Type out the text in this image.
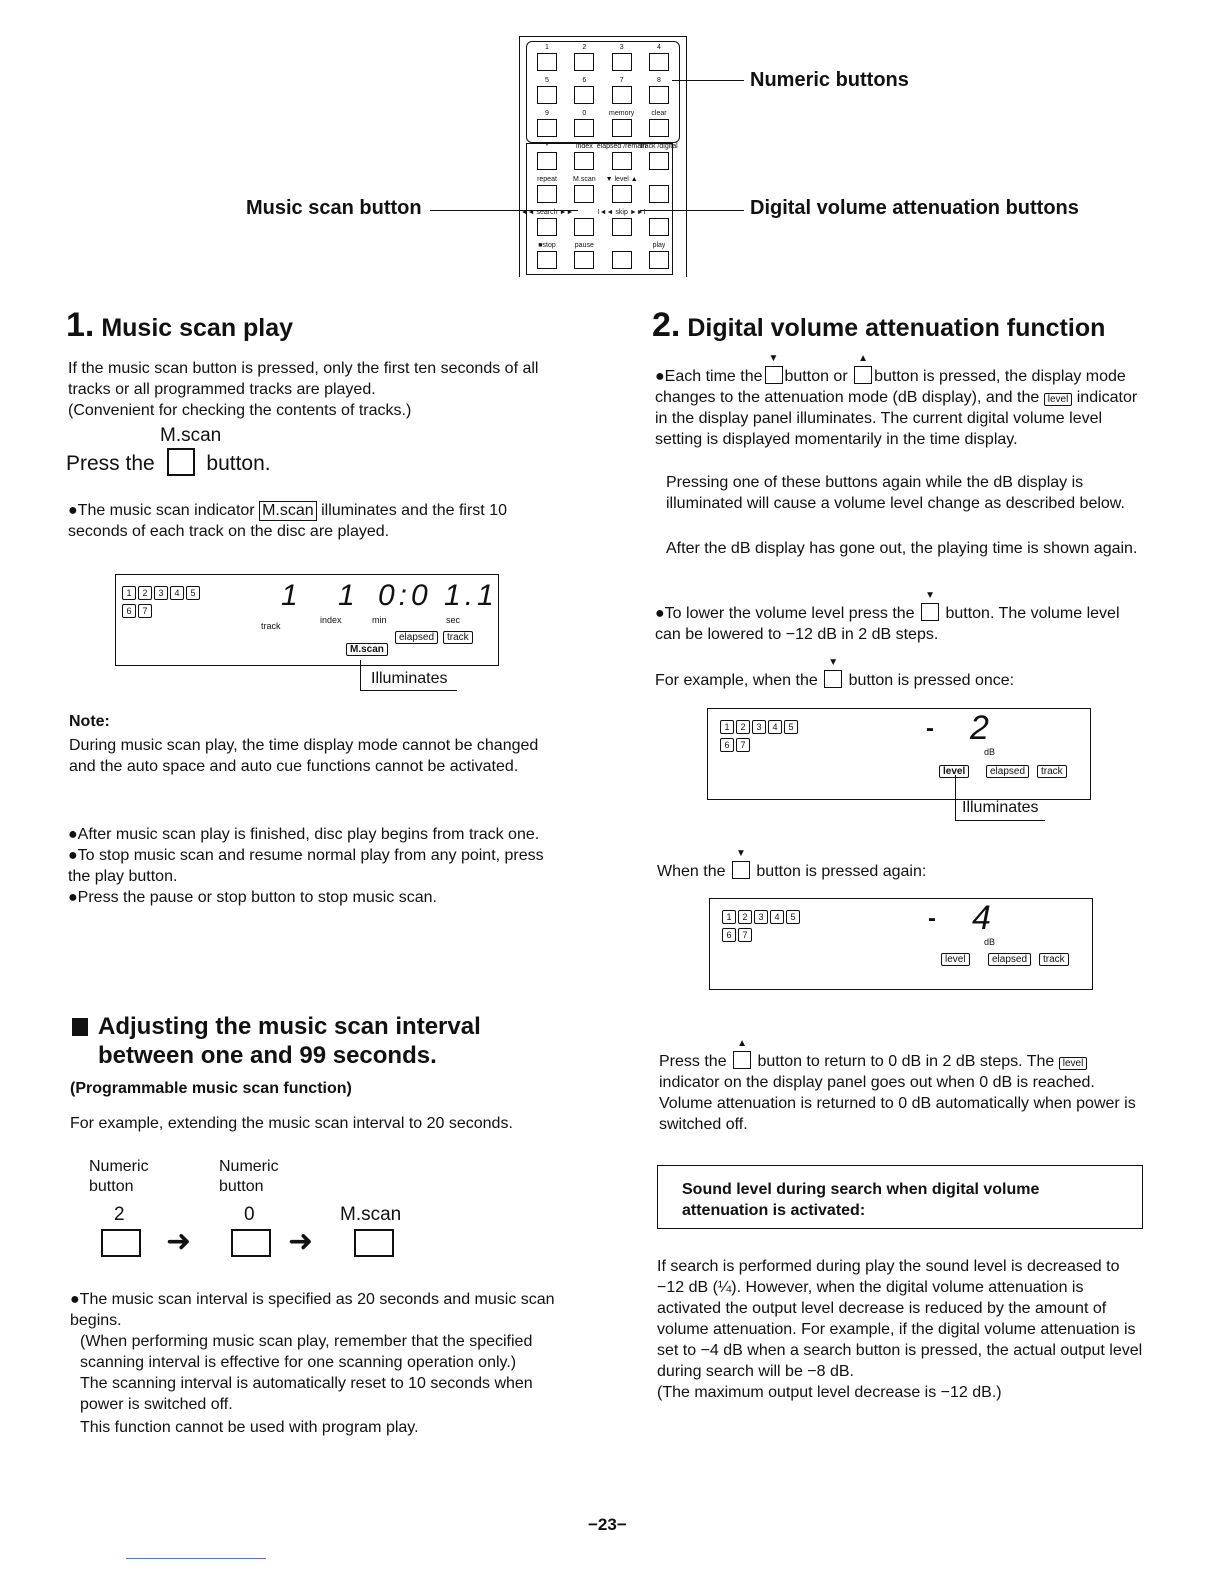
1	2	3	4
5	6	7	8
9	0	memory clear
*	index elapsed /remain
track /digital
repeat M.scan ▼ level ▲
◄◄ search ►►	I◄◄ skip ►►I
■stop	pause	play
Numeric buttons
Music scan button	Digital volume attenuation buttons
1. Music scan play

If the music scan button is pressed, only the first ten seconds of all tracks or all programmed tracks are played.

(Convenient for checking the contents of tracks.)

M.scan
Press the button.

●The music scan indicator M.scan illuminates and the first 10 seconds of each track on the disc are played.

1 2 3 4 5
6 7	1 1 0:0 1.1
track
index	min	sec
elapsed	track
M.scan
Illuminates
Note:

During music scan play, the time display mode cannot be changed and the auto space and auto cue functions cannot be activated.

●After music scan play is finished, disc play begins from track one.

●To stop music scan and resume normal play from any point, press the play button.

●Press the pause or stop button to stop music scan.

Adjusting the music scan interval
between one and 99 seconds.
(Programmable music scan function)

For example, extending the music scan interval to 20 seconds.

Numeric button
Numeric button
2	0	M.scan
➜	➜

●The music scan interval is specified as 20 seconds and music scan begins.

(When performing music scan play, remember that the specified scanning interval is effective for one scanning operation only.)

The scanning interval is automatically reset to 10 seconds when power is switched off.

This function cannot be used with program play.

2. Digital volume attenuation function

●Each time the
▼
button or
▲
button is pressed, the display mode changes to the attenuation mode (dB display), and the level indicator in the display panel illuminates. The current digital volume level setting is displayed momentarily in the time display.

Pressing one of these buttons again while the dB display is illuminated will cause a volume level change as described below.

After the dB display has gone out, the playing time is shown again.

●To lower the volume level press the
▼
button. The volume level can be lowered to −12 dB in 2 dB steps.

For example, when the
▼
button is pressed once:

1 2 3 4 5
6 7
- 2
dB
level	elapsed	track
Illuminates

When the
▼
button is pressed again:

1 2 3 4 5
6 7
- 4
dB
level	elapsed	track

Press the
▲
button to return to 0 dB in 2 dB steps. The level indicator on the display panel goes out when 0 dB is reached. Volume attenuation is returned to 0 dB automatically when power is switched off.

Sound level during search when digital volume attenuation is activated:

If search is performed during play the sound level is decreased to −12 dB (¼). However, when the digital volume attenuation is activated the output level decrease is reduced by the amount of volume attenuation. For example, if the digital volume attenuation is set to −4 dB when a search button is pressed, the actual output level during search will be −8 dB.

(The maximum output level decrease is −12 dB.)

−23−
